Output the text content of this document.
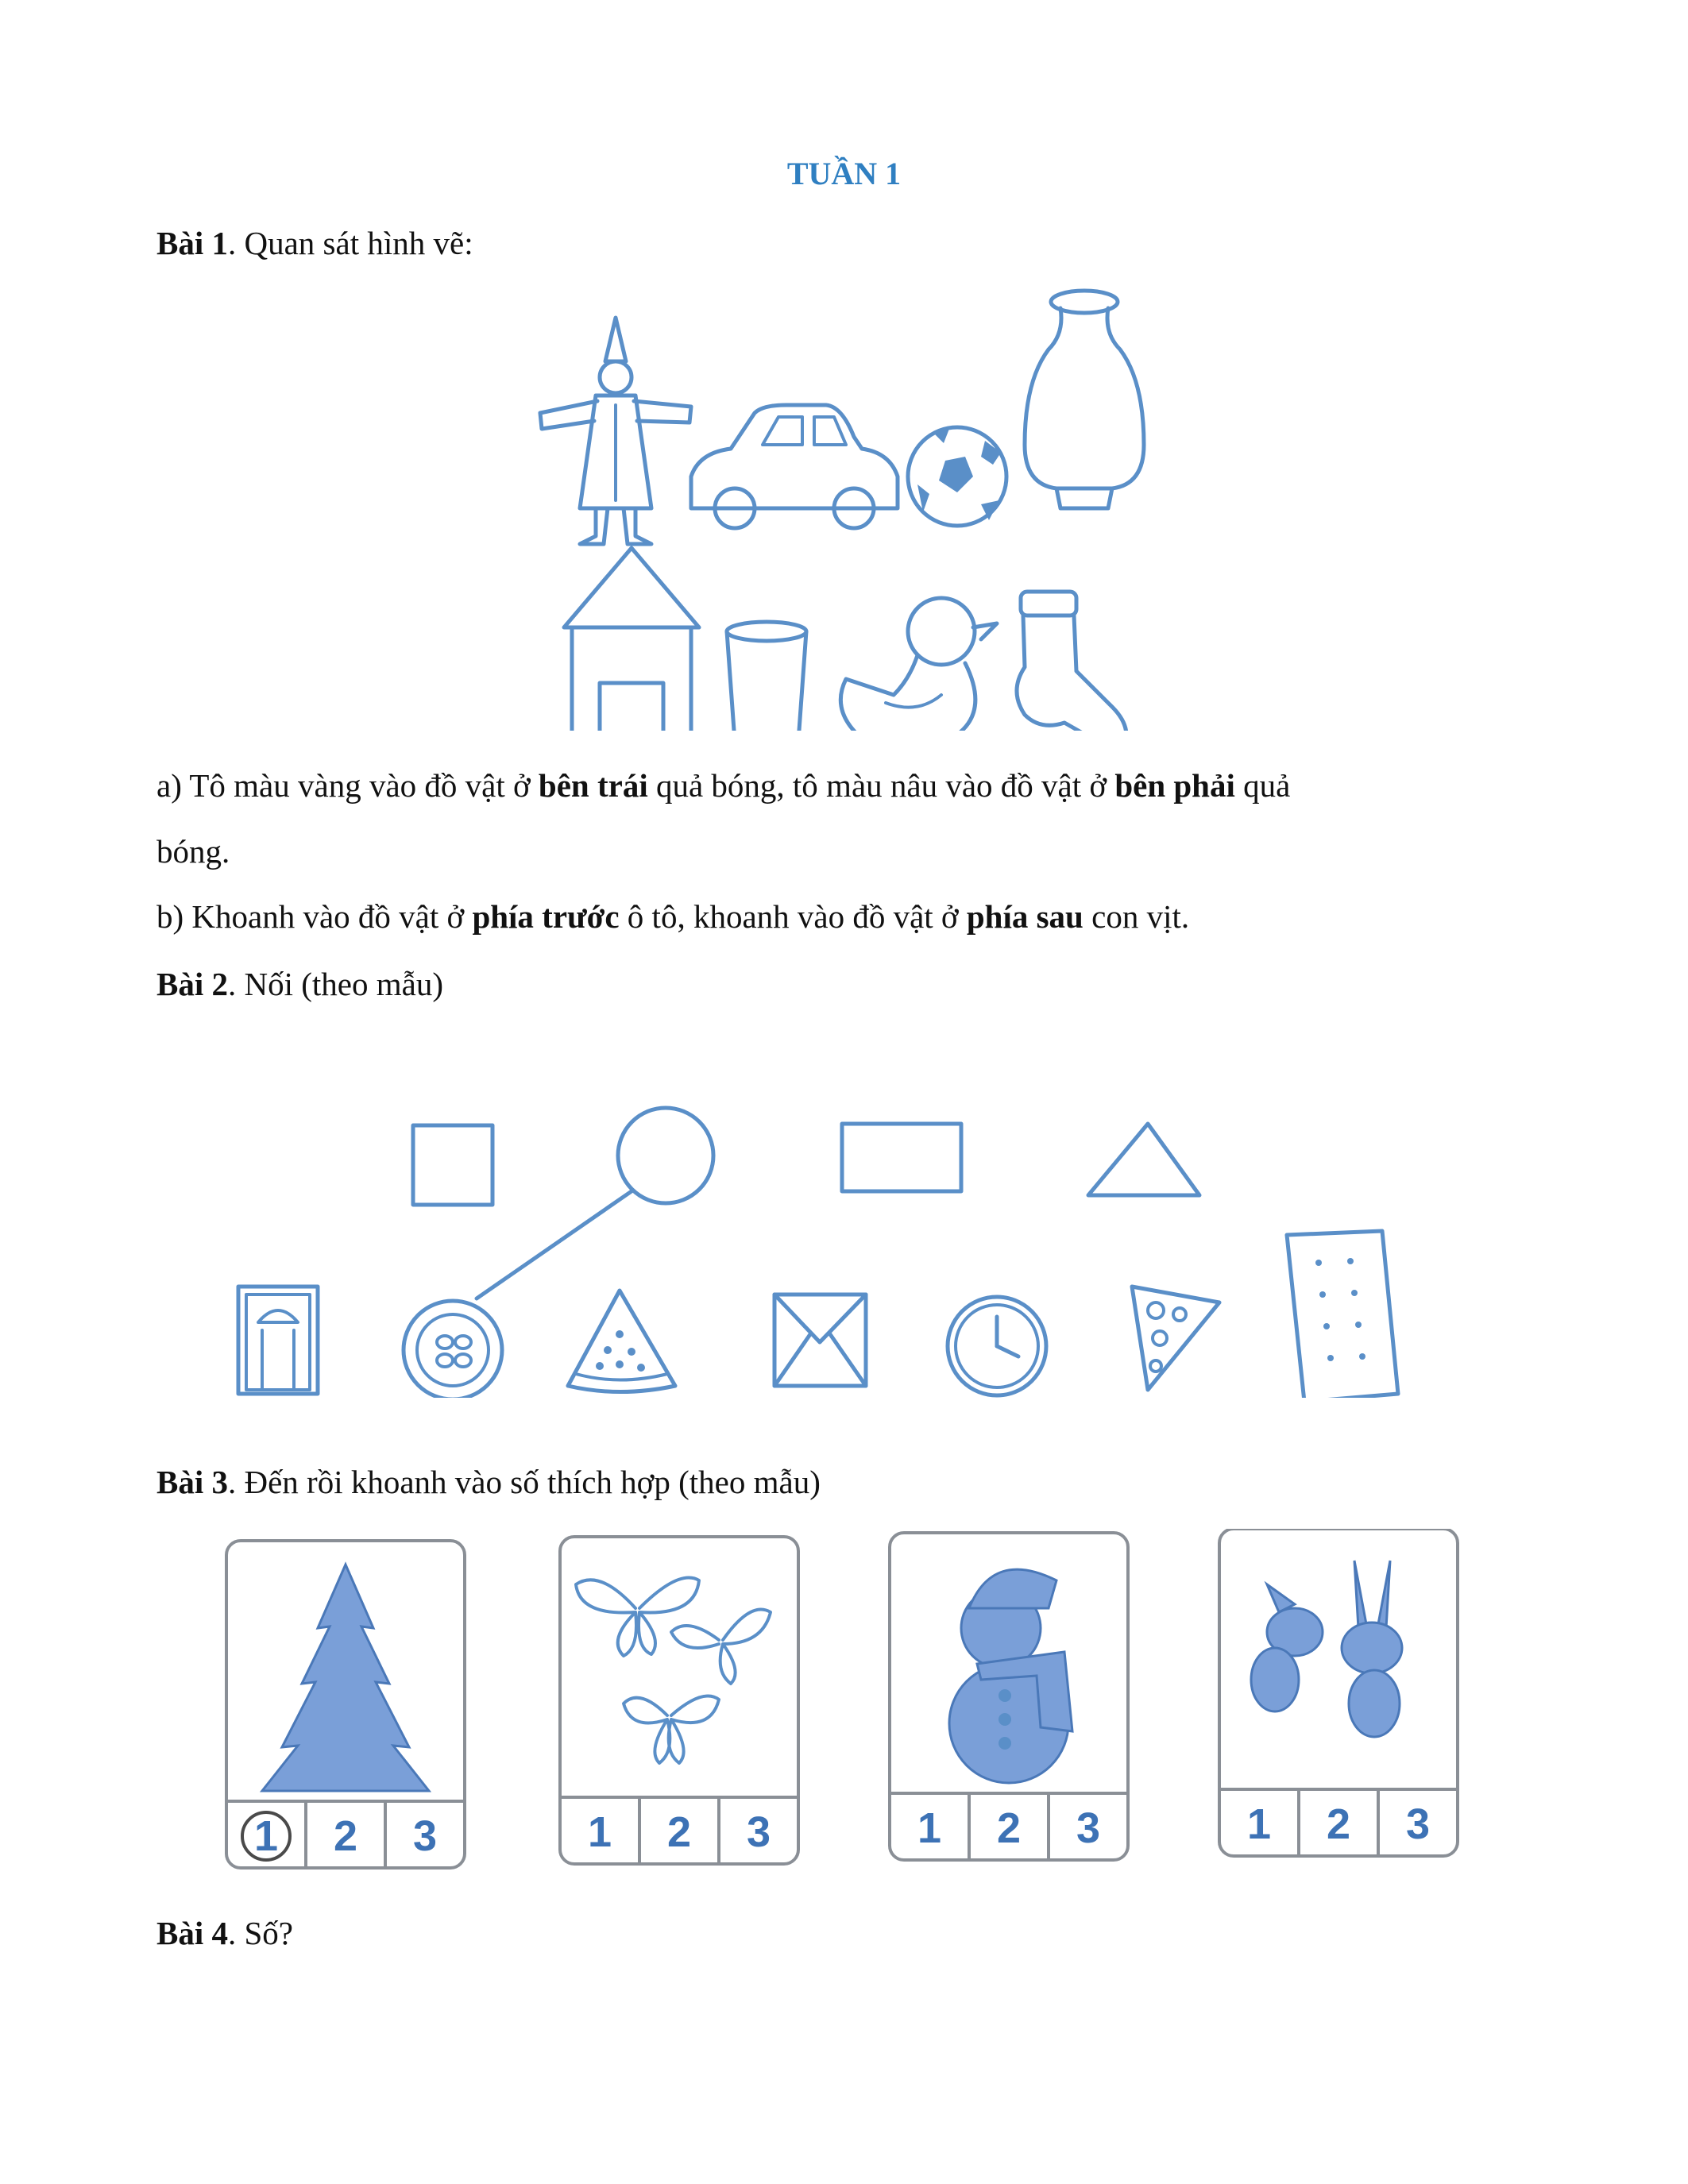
TUẦN 1
Bài 1. Quan sát hình vẽ:
a) Tô màu vàng vào đồ vật ở bên trái quả bóng, tô màu nâu vào đồ vật ở bên phải quả
bóng.
b) Khoanh vào đồ vật ở phía trước ô tô, khoanh vào đồ vật ở phía sau con vịt.
Bài 2. Nối (theo mẫu)
Bài 3. Đến rồi khoanh vào số thích hợp (theo mẫu)
1 2 3	1 2 3	1 2 3	1 2 3
Bài 4. Số?
